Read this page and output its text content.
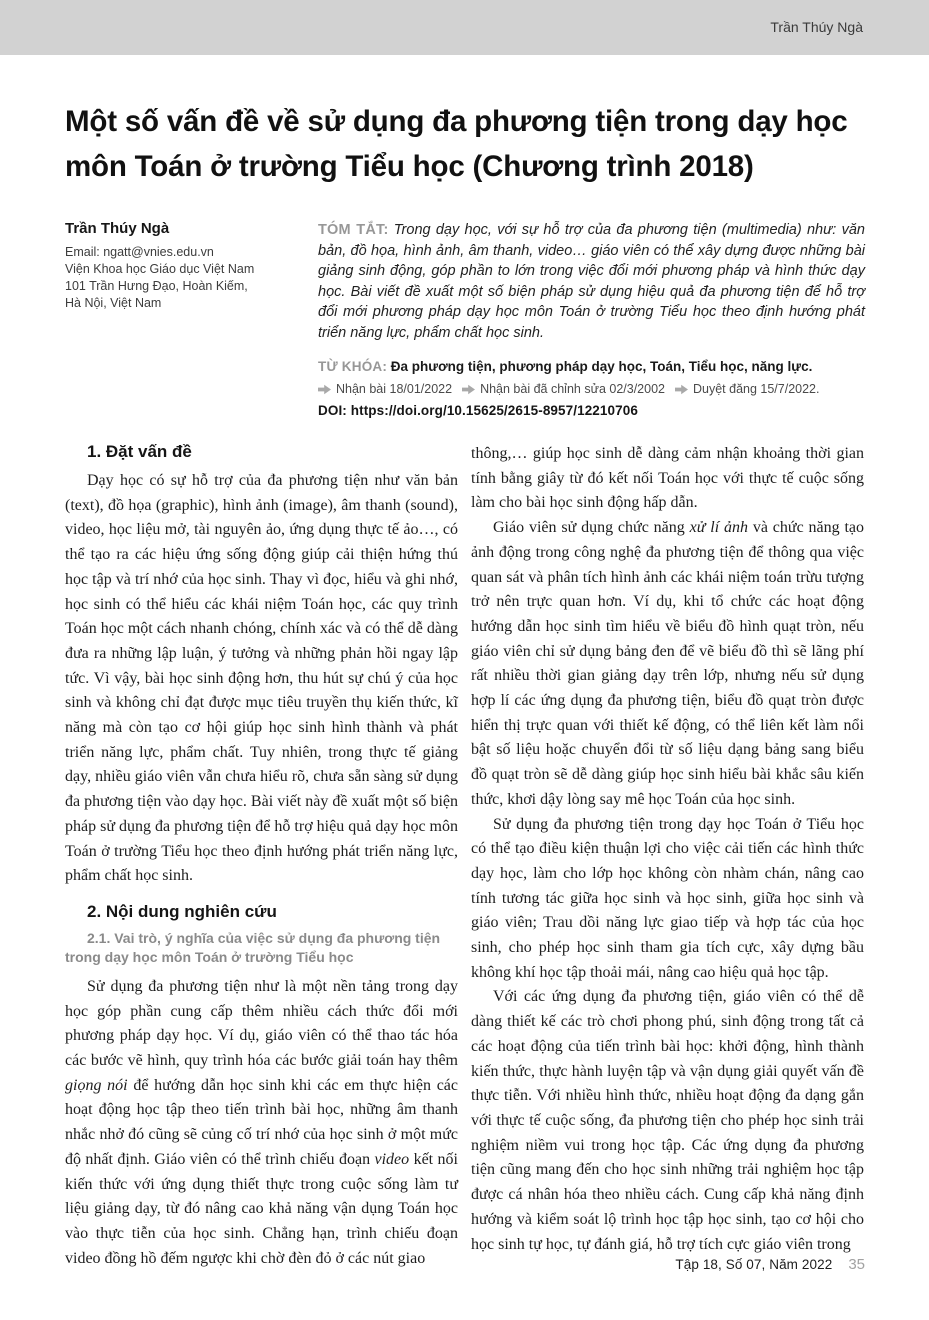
Trần Thúy Ngà
Một số vấn đề về sử dụng đa phương tiện trong dạy học môn Toán ở trường Tiểu học (Chương trình 2018)
Trần Thúy Ngà
Email: ngatt@vnies.edu.vn
Viện Khoa học Giáo dục Việt Nam
101 Trần Hưng Đạo, Hoàn Kiếm,
Hà Nội, Việt Nam

TÓM TẮT: Trong dạy học, với sự hỗ trợ của đa phương tiện (multimedia) như: văn bản, đồ họa, hình ảnh, âm thanh, video… giáo viên có thể xây dựng được những bài giảng sinh động, góp phần to lớn trong việc đổi mới phương pháp và hình thức dạy học. Bài viết đề xuất một số biện pháp sử dụng hiệu quả đa phương tiện để hỗ trợ đổi mới phương pháp dạy học môn Toán ở trường Tiểu học theo định hướng phát triển năng lực, phẩm chất học sinh.

TỪ KHÓA: Đa phương tiện, phương pháp dạy học, Toán, Tiểu học, năng lực.

Nhận bài 18/01/2022 Nhận bài đã chỉnh sửa 02/3/2002 Duyệt đăng 15/7/2022.
DOI: https://doi.org/10.15625/2615-8957/12210706
1. Đặt vấn đề

Dạy học có sự hỗ trợ của đa phương tiện như văn bản (text), đồ họa (graphic), hình ảnh (image), âm thanh (sound), video, học liệu mở, tài nguyên ảo, ứng dụng thực tế ảo…, có thể tạo ra các hiệu ứng sống động giúp cải thiện hứng thú học tập và trí nhớ của học sinh. Thay vì đọc, hiểu và ghi nhớ, học sinh có thể hiểu các khái niệm Toán học, các quy trình Toán học một cách nhanh chóng, chính xác và có thể dễ dàng đưa ra những lập luận, ý tưởng và những phản hồi ngay lập tức. Vì vậy, bài học sinh động hơn, thu hút sự chú ý của học sinh và không chỉ đạt được mục tiêu truyền thụ kiến thức, kĩ năng mà còn tạo cơ hội giúp học sinh hình thành và phát triển năng lực, phẩm chất. Tuy nhiên, trong thực tế giảng dạy, nhiều giáo viên vẫn chưa hiểu rõ, chưa sẵn sàng sử dụng đa phương tiện vào dạy học. Bài viết này đề xuất một số biện pháp sử dụng đa phương tiện để hỗ trợ hiệu quả dạy học môn Toán ở trường Tiểu học theo định hướng phát triển năng lực, phẩm chất học sinh.

2. Nội dung nghiên cứu
2.1. Vai trò, ý nghĩa của việc sử dụng đa phương tiện trong dạy học môn Toán ở trường Tiểu học

Sử dụng đa phương tiện như là một nền tảng trong dạy học góp phần cung cấp thêm nhiều cách thức đổi mới phương pháp dạy học. Ví dụ, giáo viên có thể thao tác hóa các bước vẽ hình, quy trình hóa các bước giải toán hay thêm giọng nói để hướng dẫn học sinh khi các em thực hiện các hoạt động học tập theo tiến trình bài học, những âm thanh nhắc nhở đó cũng sẽ củng cố trí nhớ của học sinh ở một mức độ nhất định. Giáo viên có thể trình chiếu đoạn video kết nối kiến thức với ứng dụng thiết thực trong cuộc sống làm tư liệu giảng dạy, từ đó nâng cao khả năng vận dụng Toán học vào thực tiễn của học sinh. Chẳng hạn, trình chiếu đoạn video đồng hồ đếm ngược khi chờ đèn đỏ ở các nút giao

thông,… giúp học sinh dễ dàng cảm nhận khoảng thời gian tính bằng giây từ đó kết nối Toán học với thực tế cuộc sống làm cho bài học sinh động hấp dẫn.

Giáo viên sử dụng chức năng xử lí ảnh và chức năng tạo ảnh động trong công nghệ đa phương tiện để thông qua việc quan sát và phân tích hình ảnh các khái niệm toán trừu tượng trở nên trực quan hơn. Ví dụ, khi tổ chức các hoạt động hướng dẫn học sinh tìm hiểu về biểu đồ hình quạt tròn, nếu giáo viên chỉ sử dụng bảng đen để vẽ biểu đồ thì sẽ lãng phí rất nhiều thời gian giảng dạy trên lớp, nhưng nếu sử dụng hợp lí các ứng dụng đa phương tiện, biểu đồ quạt tròn được hiển thị trực quan với thiết kế động, có thể liên kết làm nổi bật số liệu hoặc chuyển đổi từ số liệu dạng bảng sang biểu đồ quạt tròn sẽ dễ dàng giúp học sinh hiểu bài khắc sâu kiến thức, khơi dậy lòng say mê học Toán của học sinh.

Sử dụng đa phương tiện trong dạy học Toán ở Tiểu học có thể tạo điều kiện thuận lợi cho việc cải tiến các hình thức dạy học, làm cho lớp học không còn nhàm chán, nâng cao tính tương tác giữa học sinh và học sinh, giữa học sinh và giáo viên; Trau dồi năng lực giao tiếp và hợp tác của học sinh, cho phép học sinh tham gia tích cực, xây dựng bầu không khí học tập thoải mái, nâng cao hiệu quả học tập.

Với các ứng dụng đa phương tiện, giáo viên có thể dễ dàng thiết kế các trò chơi phong phú, sinh động trong tất cả các hoạt động của tiến trình bài học: khởi động, hình thành kiến thức, thực hành luyện tập và vận dụng giải quyết vấn đề thực tiễn. Với nhiều hình thức, nhiều hoạt động đa dạng gắn với thực tế cuộc sống, đa phương tiện cho phép học sinh trải nghiệm niềm vui trong học tập. Các ứng dụng đa phương tiện cũng mang đến cho học sinh những trải nghiệm học tập được cá nhân hóa theo nhiều cách. Cung cấp khả năng định hướng và kiểm soát lộ trình học tập học sinh, tạo cơ hội cho học sinh tự học, tự đánh giá, hỗ trợ tích cực giáo viên trong

Tập 18, Số 07, Năm 2022 35
